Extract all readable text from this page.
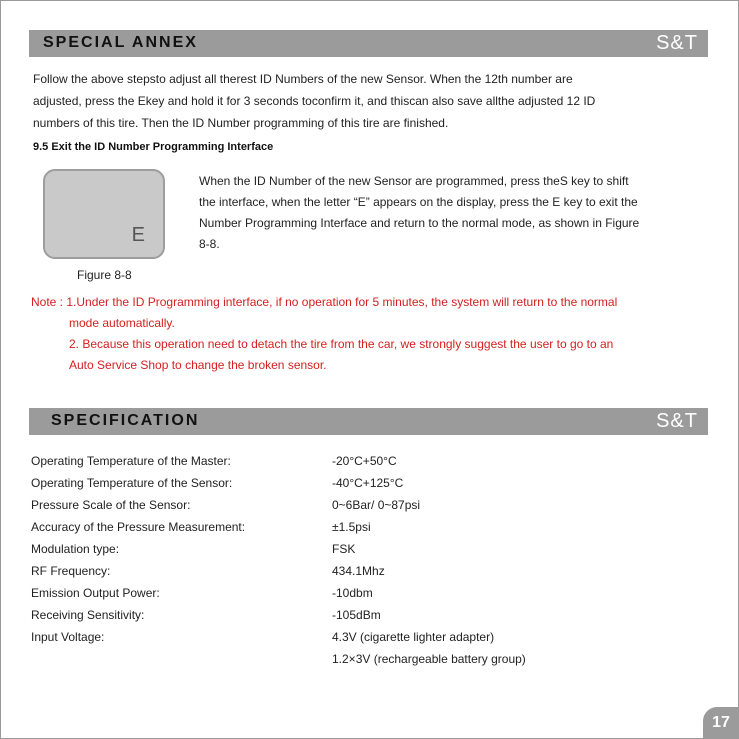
SPECIAL ANNEX	S&T
Follow the above stepsto adjust all therest ID Numbers of the new Sensor. When the 12th number are
adjusted, press the Ekey and hold it for 3 seconds toconfirm it, and thiscan also save allthe adjusted 12 ID
numbers of this tire. Then the ID Number programming of this tire are finished.
9.5 Exit the ID Number Programming Interface
E
Figure 8-8
When the ID Number of the new Sensor are programmed, press theS key to shift
the interface, when the letter “E” appears on the display, press the E key to exit the
Number Programming Interface and return to the normal mode, as shown in Figure
8-8.
Note : 1.Under the ID Programming interface, if no operation for 5 minutes, the system will return to the normal
mode automatically.
2. Because this operation need to detach the tire from the car, we strongly suggest the user to go to an
Auto Service Shop to change the broken sensor.
SPECIFICATION	S&T
Operating Temperature of the Master:	-20°C+50°C
Operating Temperature of the Sensor:	-40°C+125°C
Pressure Scale of the Sensor:	0~6Bar/ 0~87psi
Accuracy of the Pressure Measurement:	±1.5psi
Modulation type:	FSK
RF Frequency:	434.1Mhz
Emission Output Power:	-10dbm
Receiving Sensitivity:	-105dBm
Input Voltage:	4.3V (cigarette lighter adapter)
1.2×3V (rechargeable battery group)
17
